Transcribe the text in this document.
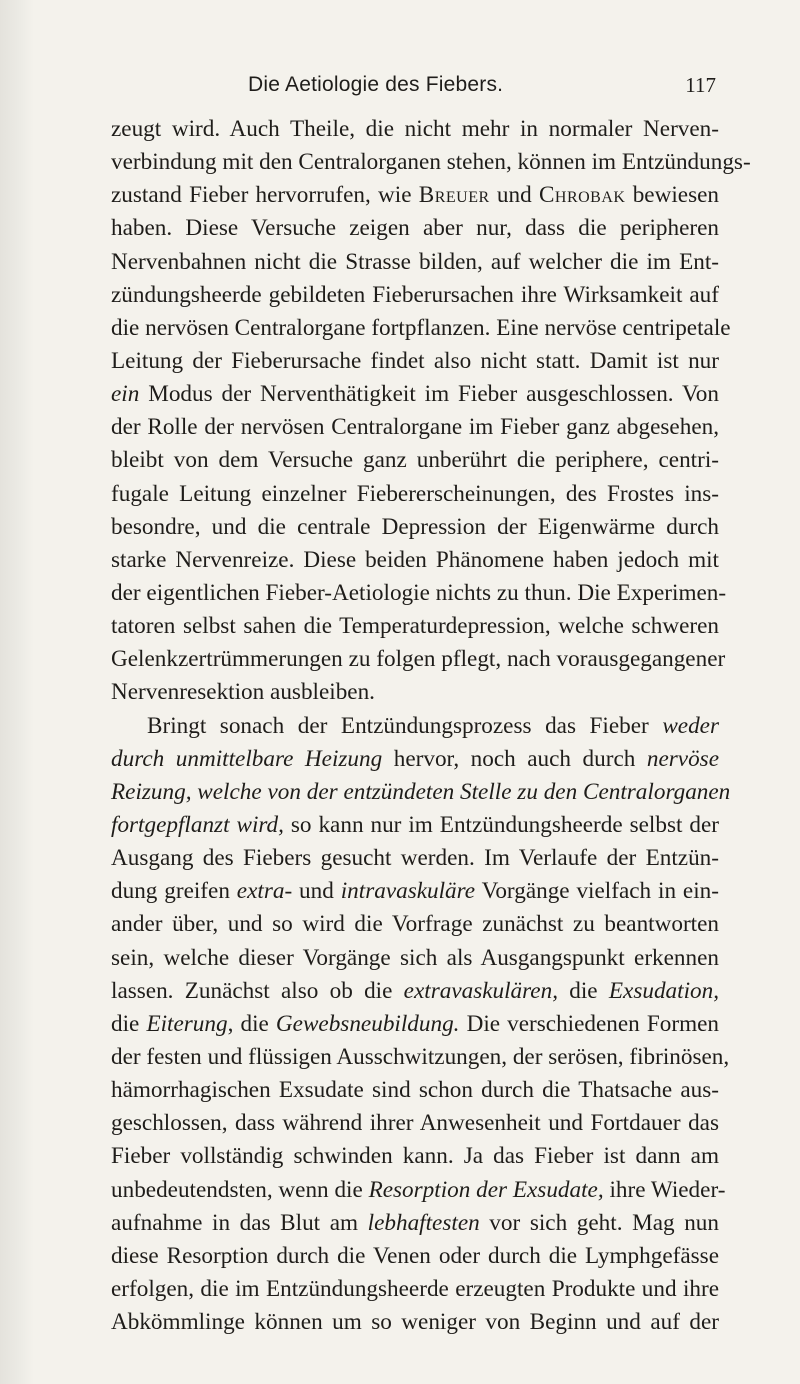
Die Aetiologie des Fiebers.	117
zeugt wird. Auch Theile, die nicht mehr in normaler Nerven-
verbindung mit den Centralorganen stehen, können im Entzündungs-
zustand Fieber hervorrufen, wie Breuer und Chrobak bewiesen
haben. Diese Versuche zeigen aber nur, dass die peripheren
Nervenbahnen nicht die Strasse bilden, auf welcher die im Ent-
zündungsheerde gebildeten Fieberursachen ihre Wirksamkeit auf
die nervösen Centralorgane fortpflanzen. Eine nervöse centripetale
Leitung der Fieberursache findet also nicht statt. Damit ist nur
ein Modus der Nerventhätigkeit im Fieber ausgeschlossen. Von
der Rolle der nervösen Centralorgane im Fieber ganz abgesehen,
bleibt von dem Versuche ganz unberührt die periphere, centri-
fugale Leitung einzelner Fiebererscheinungen, des Frostes ins-
besondre, und die centrale Depression der Eigenwärme durch
starke Nervenreize. Diese beiden Phänomene haben jedoch mit
der eigentlichen Fieber-Aetiologie nichts zu thun. Die Experimen-
tatoren selbst sahen die Temperaturdepression, welche schweren
Gelenkzertrümmerungen zu folgen pflegt, nach vorausgegangener
Nervenresektion ausbleiben.
Bringt sonach der Entzündungsprozess das Fieber weder
durch unmittelbare Heizung hervor, noch auch durch nervöse
Reizung, welche von der entzündeten Stelle zu den Centralorganen
fortgepflanzt wird, so kann nur im Entzündungsheerde selbst der
Ausgang des Fiebers gesucht werden. Im Verlaufe der Entzün-
dung greifen extra- und intravaskuläre Vorgänge vielfach in ein-
ander über, und so wird die Vorfrage zunächst zu beantworten
sein, welche dieser Vorgänge sich als Ausgangspunkt erkennen
lassen. Zunächst also ob die extravaskulären, die Exsudation,
die Eiterung, die Gewebsneubildung. Die verschiedenen Formen
der festen und flüssigen Ausschwitzungen, der serösen, fibrinösen,
hämorrhagischen Exsudate sind schon durch die Thatsache aus-
geschlossen, dass während ihrer Anwesenheit und Fortdauer das
Fieber vollständig schwinden kann. Ja das Fieber ist dann am
unbedeutendsten, wenn die Resorption der Exsudate, ihre Wieder-
aufnahme in das Blut am lebhaftesten vor sich geht. Mag nun
diese Resorption durch die Venen oder durch die Lymphgefässe
erfolgen, die im Entzündungsheerde erzeugten Produkte und ihre
Abkömmlinge können um so weniger von Beginn und auf der
